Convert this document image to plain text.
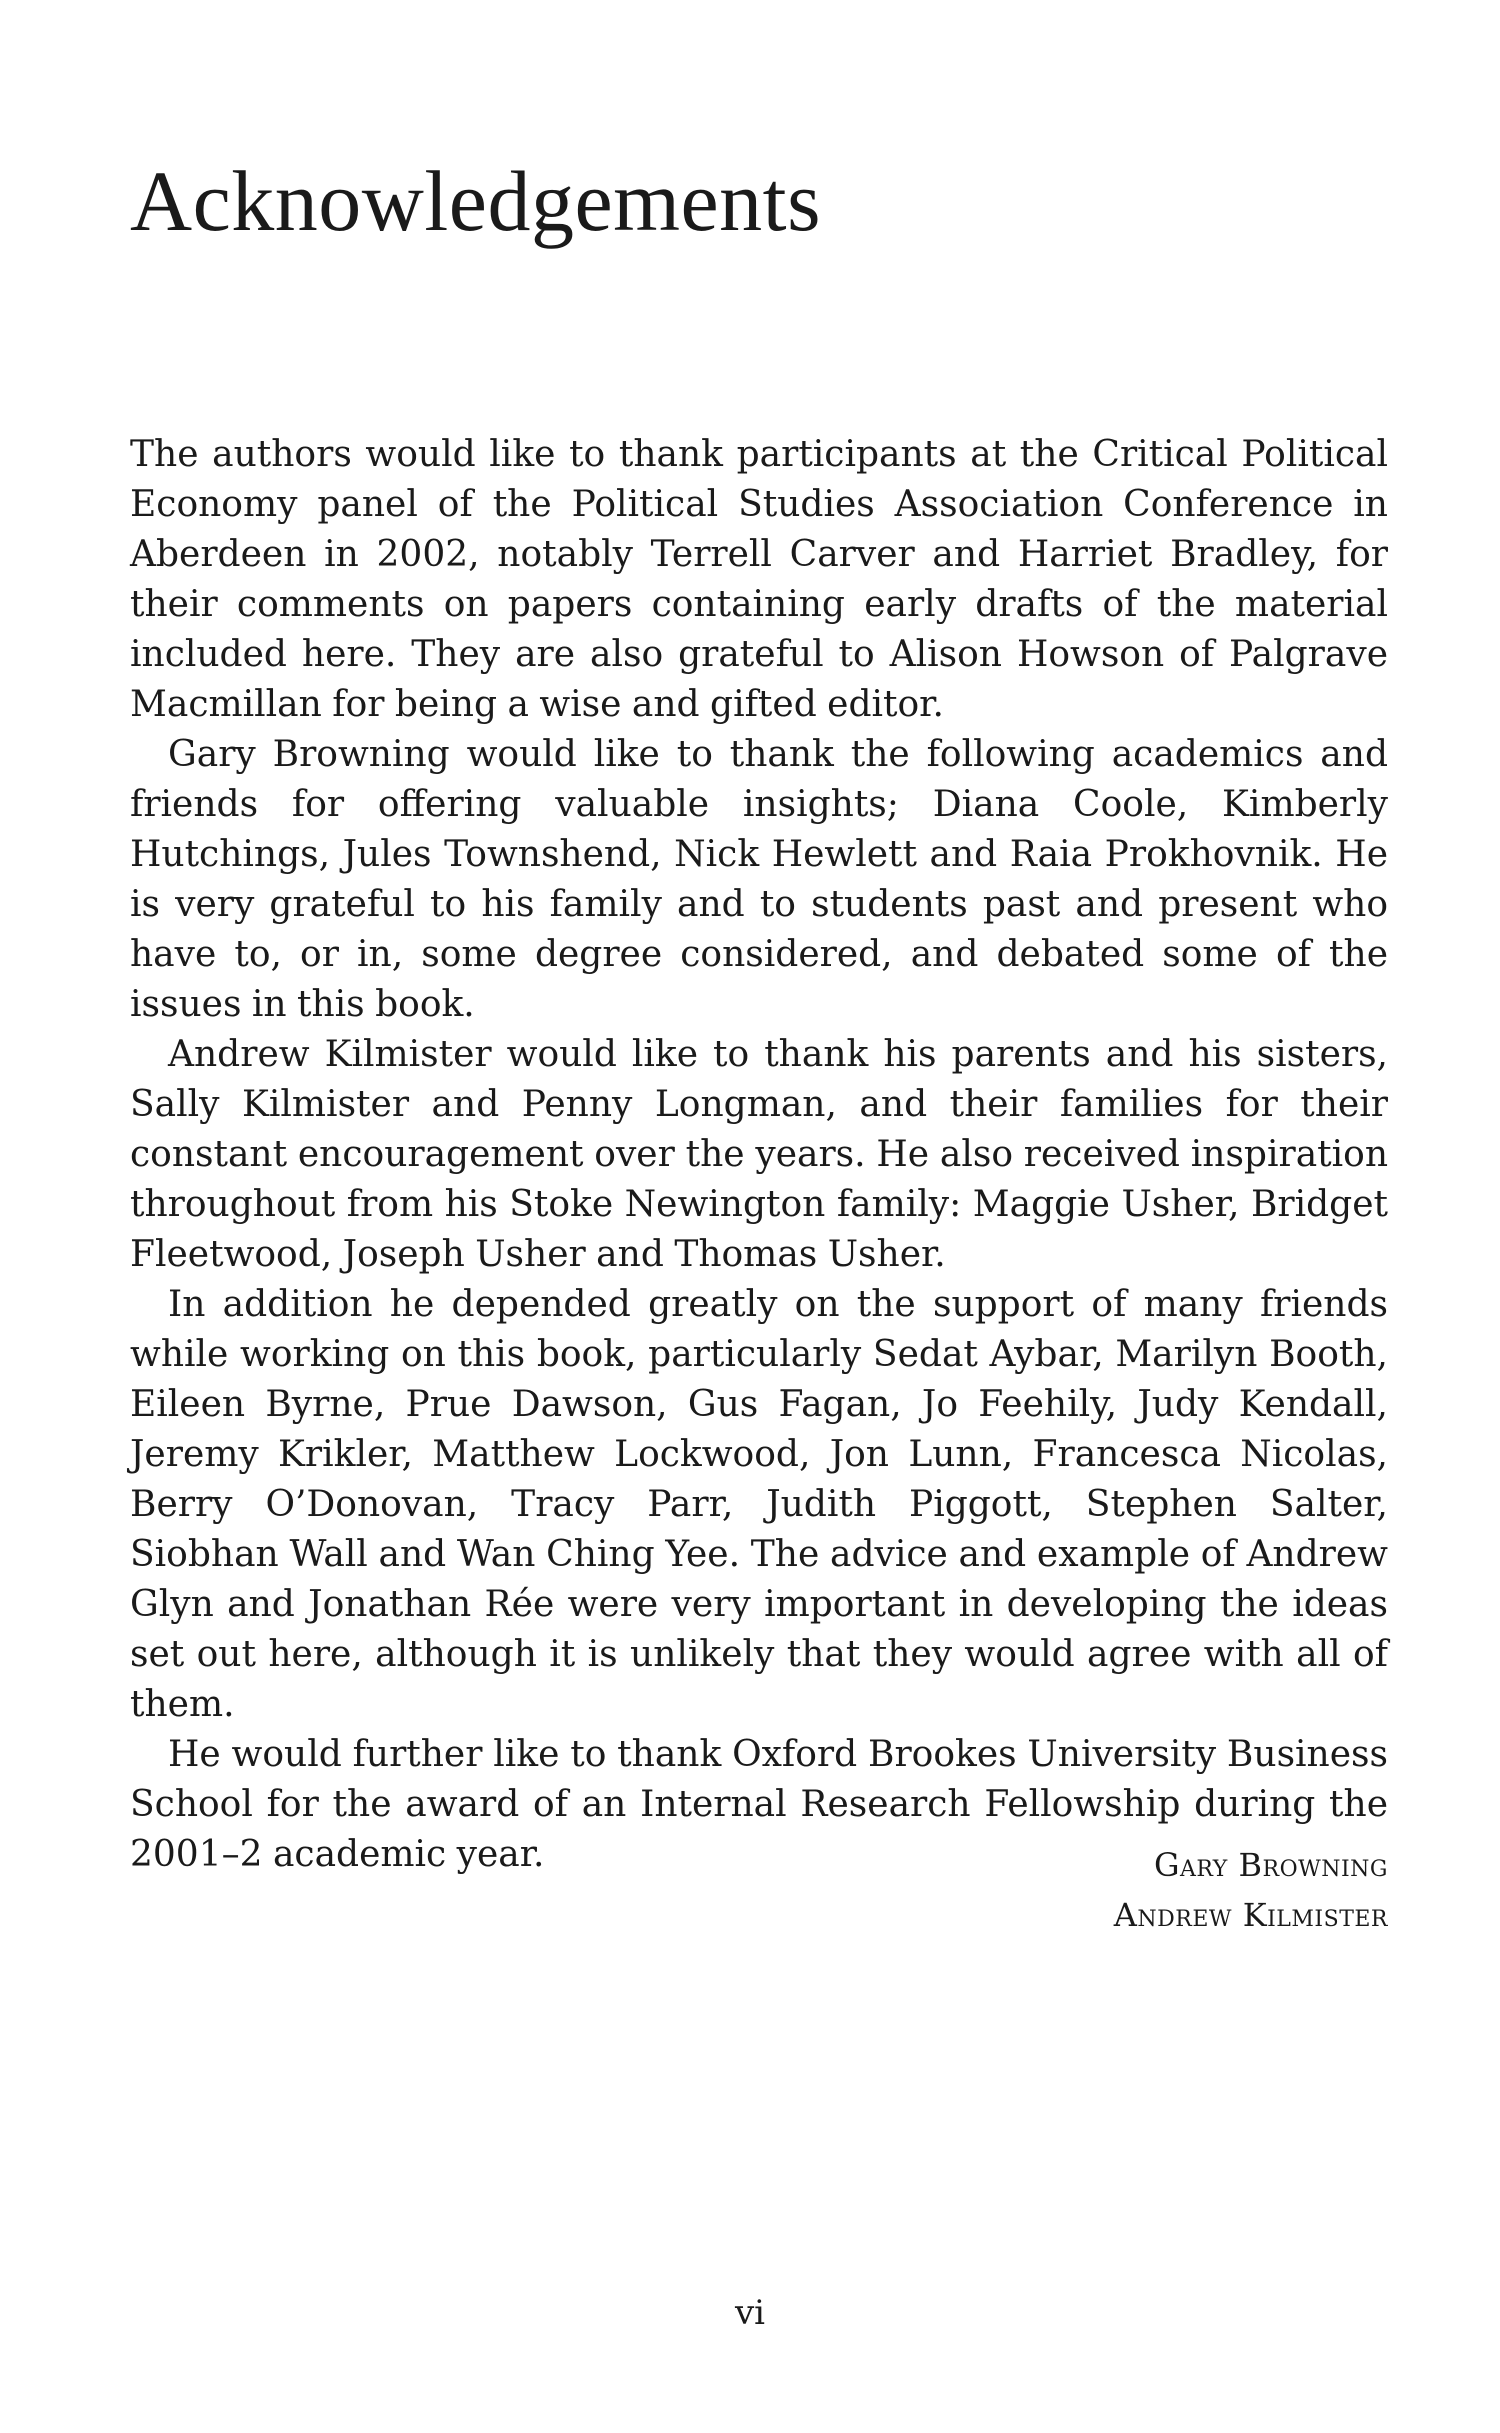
Acknowledgements

The authors would like to thank participants at the Critical Political Economy panel of the Political Studies Association Conference in Aberdeen in 2002, notably Terrell Carver and Harriet Bradley, for their comments on papers containing early drafts of the material included here. They are also grateful to Alison Howson of Palgrave Macmillan for being a wise and gifted editor.

Gary Browning would like to thank the following academics and friends for offering valuable insights; Diana Coole, Kimberly Hutchings, Jules Townshend, Nick Hewlett and Raia Prokhovnik. He is very grateful to his family and to students past and present who have to, or in, some degree considered, and debated some of the issues in this book.

Andrew Kilmister would like to thank his parents and his sisters, Sally Kilmister and Penny Longman, and their families for their constant encouragement over the years. He also received inspiration throughout from his Stoke Newington family: Maggie Usher, Bridget Fleetwood, Joseph Usher and Thomas Usher.

In addition he depended greatly on the support of many friends while working on this book, particularly Sedat Aybar, Marilyn Booth, Eileen Byrne, Prue Dawson, Gus Fagan, Jo Feehily, Judy Kendall, Jeremy Krikler, Matthew Lockwood, Jon Lunn, Francesca Nicolas, Berry O’Donovan, Tracy Parr, Judith Piggott, Stephen Salter, Siobhan Wall and Wan Ching Yee. The advice and example of Andrew Glyn and Jonathan Rée were very important in developing the ideas set out here, although it is unlikely that they would agree with all of them.

He would further like to thank Oxford Brookes University Business School for the award of an Internal Research Fellowship during the 2001–2 academic year.	Gary Browning
Andrew Kilmister
vi
